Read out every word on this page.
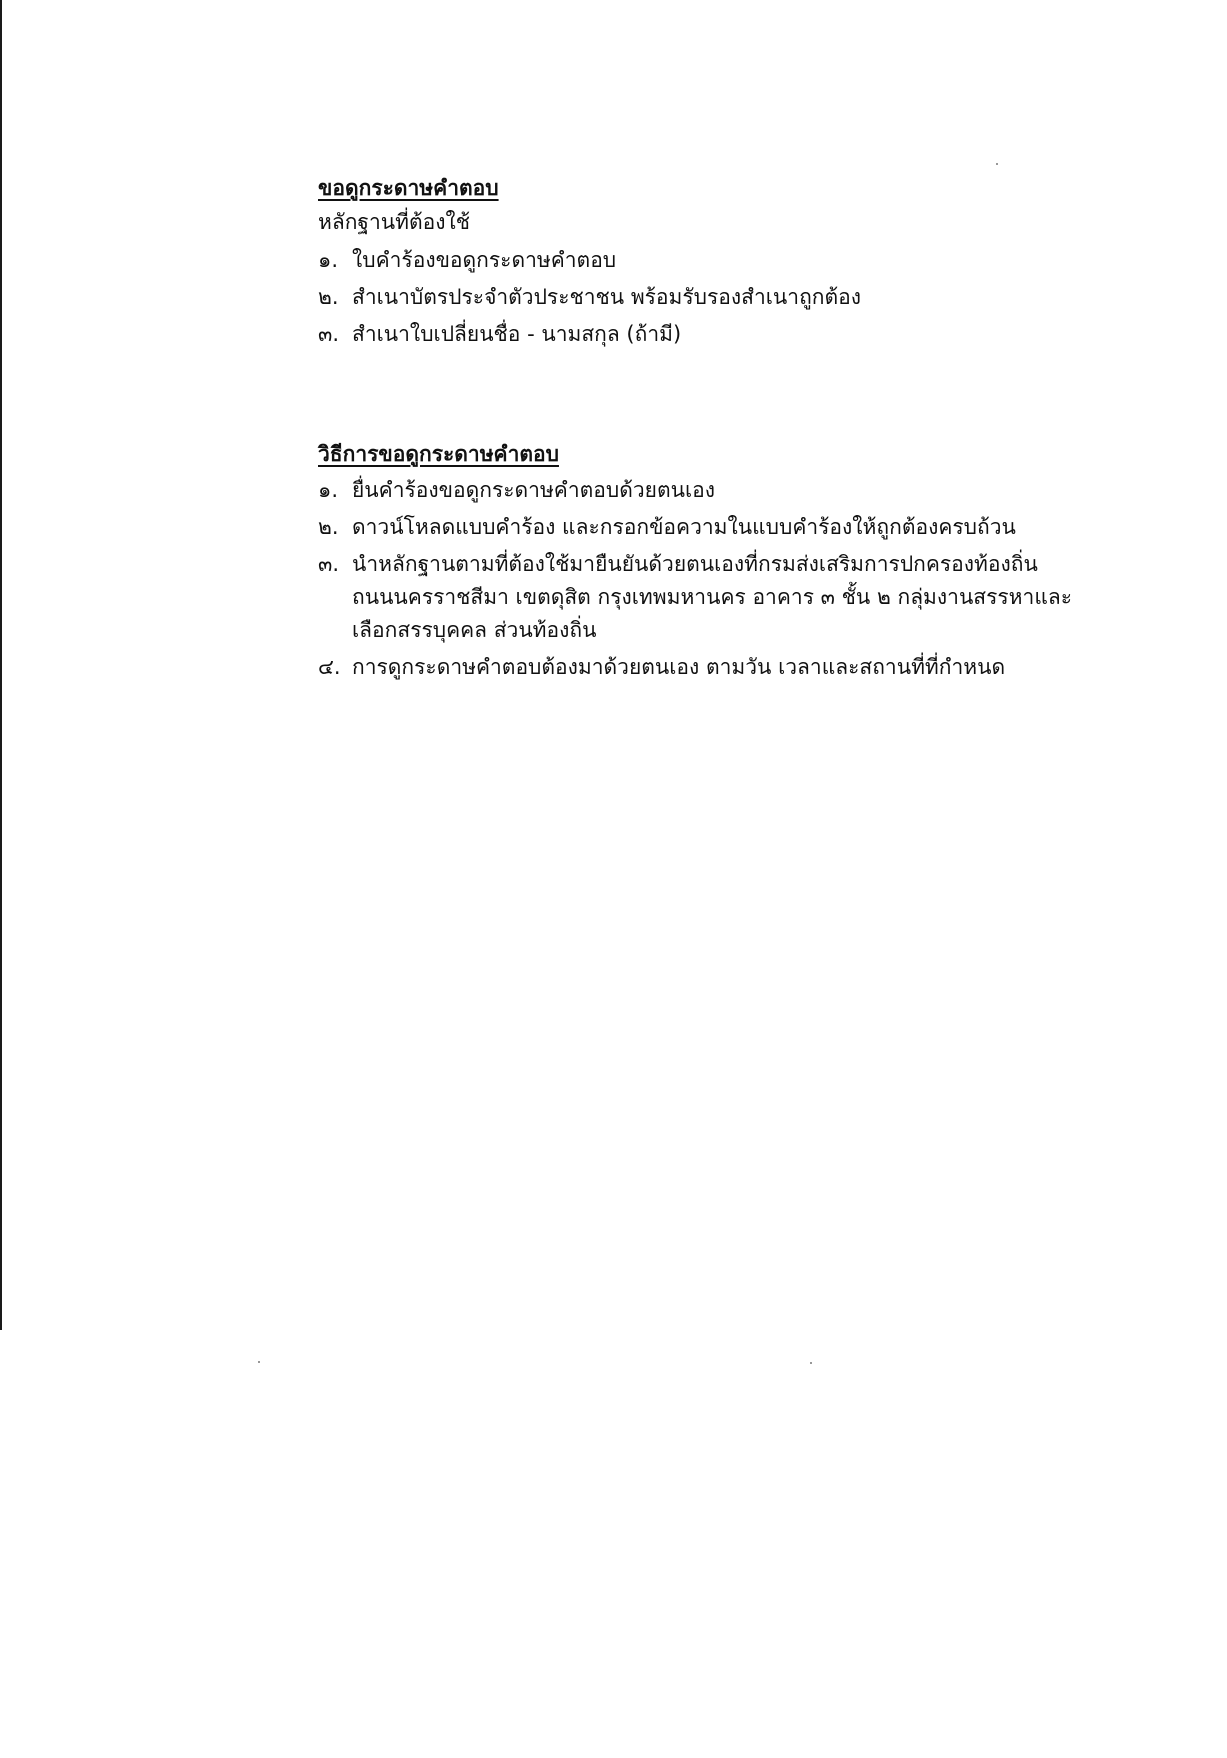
ขอดูกระดาษคำตอบ
หลักฐานที่ต้องใช้
๑. ใบคำร้องขอดูกระดาษคำตอบ
๒. สำเนาบัตรประจำตัวประชาชน พร้อมรับรองสำเนาถูกต้อง
๓. สำเนาใบเปลี่ยนชื่อ - นามสกุล (ถ้ามี)
วิธีการขอดูกระดาษคำตอบ
๑. ยื่นคำร้องขอดูกระดาษคำตอบด้วยตนเอง
๒. ดาวน์โหลดแบบคำร้อง และกรอกข้อความในแบบคำร้องให้ถูกต้องครบถ้วน
๓. นำหลักฐานตามที่ต้องใช้มายืนยันด้วยตนเองที่กรมส่งเสริมการปกครองท้องถิ่น
ถนนนครราชสีมา เขตดุสิต กรุงเทพมหานคร อาคาร ๓ ชั้น ๒ กลุ่มงานสรรหาและ
เลือกสรรบุคคล ส่วนท้องถิ่น
๔. การดูกระดาษคำตอบต้องมาด้วยตนเอง ตามวัน เวลาและสถานที่ที่กำหนด
